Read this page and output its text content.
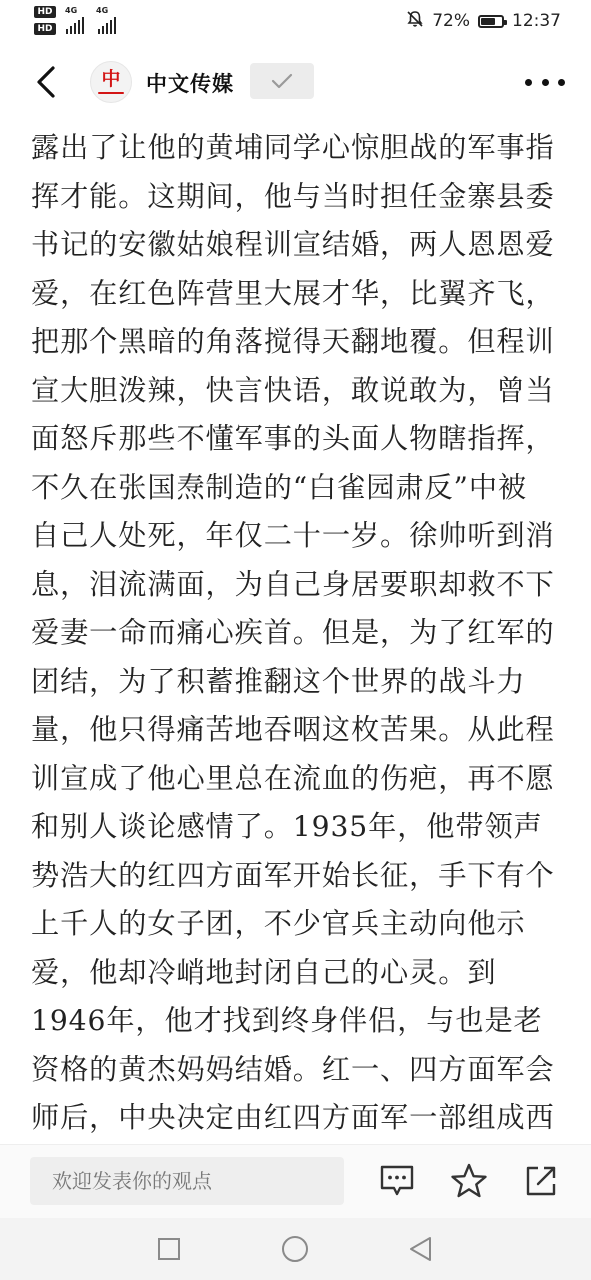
HD
HD
4G 4G
72% 12:37
中 中文传媒

露出了让他的黄埔同学心惊胆战的军事指
挥才能。这期间，他与当时担任金寨县委
书记的安徽姑娘程训宣结婚，两人恩恩爱
爱，在红色阵营里大展才华，比翼齐飞，
把那个黑暗的角落搅得天翻地覆。但程训
宣大胆泼辣，快言快语，敢说敢为，曾当
面怒斥那些不懂军事的头面人物瞎指挥，
不久在张国焘制造的“白雀园肃反”中被
自己人处死，年仅二十一岁。徐帅听到消
息，泪流满面，为自己身居要职却救不下
爱妻一命而痛心疾首。但是，为了红军的
团结，为了积蓄推翻这个世界的战斗力
量，他只得痛苦地吞咽这枚苦果。从此程
训宣成了他心里总在流血的伤疤，再不愿
和别人谈论感情了。1935年，他带领声
势浩大的红四方面军开始长征，手下有个
上千人的女子团，不少官兵主动向他示
爱，他却冷峭地封闭自己的心灵。到
1946年，他才找到终身伴侣，与也是老
资格的黄杰妈妈结婚。红一、四方面军会
师后，中央决定由红四方面军一部组成西

欢迎发表你的观点
